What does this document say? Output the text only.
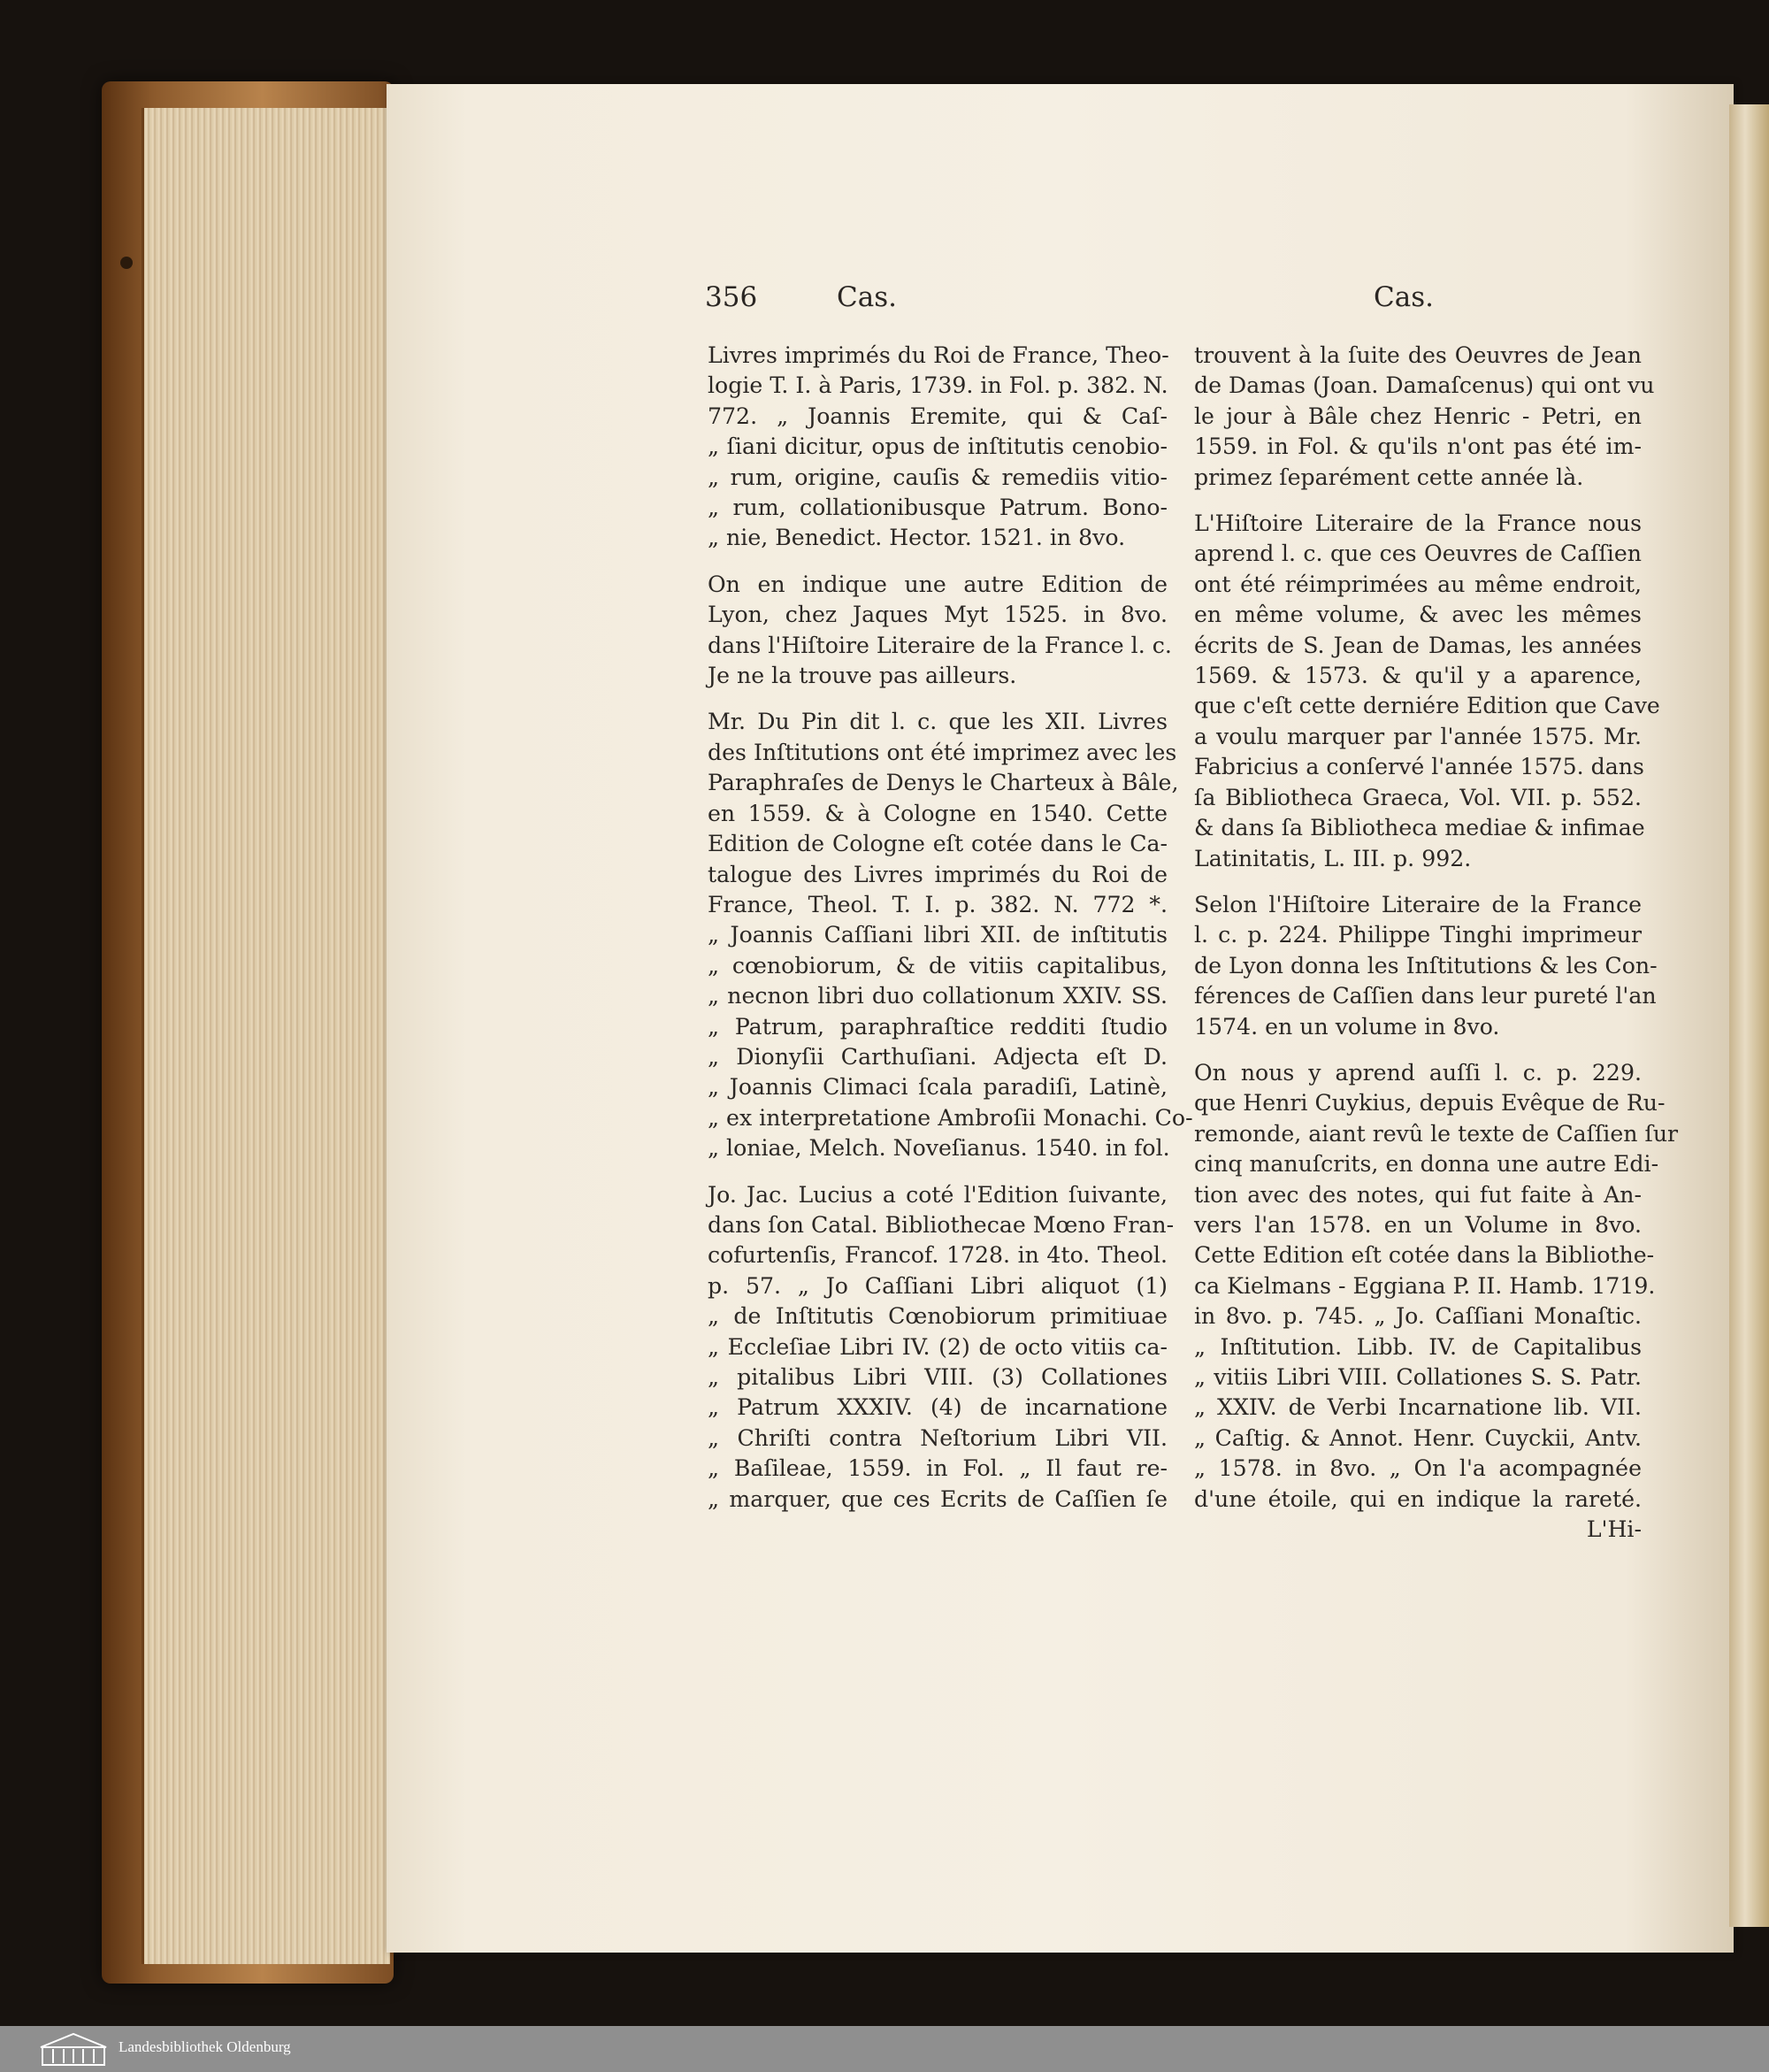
356	Cas.	Cas.
Livres imprimés du Roi de France, Theo-
logie T. I. à Paris, 1739. in Fol. p. 382. N.
772. „ Joannis Eremite, qui & Caſ-
„ ſiani dicitur, opus de inſtitutis cenobio-
„ rum, origine, cauſis & remediis vitio-
„ rum, collationibusque Patrum. Bono-
„ nie, Benedict. Hector. 1521. in 8vo.
On en indique une autre Edition de
Lyon, chez Jaques Myt 1525. in 8vo.
dans l'Hiſtoire Literaire de la France l. c.
Je ne la trouve pas ailleurs.
Mr. Du Pin dit l. c. que les XII. Livres
des Inſtitutions ont été imprimez avec les
Paraphraſes de Denys le Charteux à Bâle,
en 1559. & à Cologne en 1540. Cette
Edition de Cologne eſt cotée dans le Ca-
talogue des Livres imprimés du Roi de
France, Theol. T. I. p. 382. N. 772 *.
„ Joannis Caſſiani libri XII. de inſtitutis
„ cœnobiorum, & de vitiis capitalibus,
„ necnon libri duo collationum XXIV. SS.
„ Patrum, paraphraſtice redditi ſtudio
„ Dionyſii Carthuſiani. Adjecta eſt D.
„ Joannis Climaci ſcala paradiſi, Latinè,
„ ex interpretatione Ambroſii Monachi. Co-
„ loniae, Melch. Noveſianus. 1540. in fol.
Jo. Jac. Lucius a coté l'Edition ſuivante,
dans ſon Catal. Bibliothecae Mœno Fran-
cofurtenſis, Francof. 1728. in 4to. Theol.
p. 57. „ Jo Caſſiani Libri aliquot (1)
„ de Inſtitutis Cœnobiorum primitiuae
„ Eccleſiae Libri IV. (2) de octo vitiis ca-
„ pitalibus Libri VIII. (3) Collationes
„ Patrum XXXIV. (4) de incarnatione
„ Chriſti contra Neſtorium Libri VII.
„ Baſileae, 1559. in Fol. „ Il faut re-
„ marquer, que ces Ecrits de Caſſien ſe
trouvent à la ſuite des Oeuvres de Jean
de Damas (Joan. Damaſcenus) qui ont vu
le jour à Bâle chez Henric - Petri, en
1559. in Fol. & qu'ils n'ont pas été im-
primez ſeparément cette année là.
L'Hiſtoire Literaire de la France nous
aprend l. c. que ces Oeuvres de Caſſien
ont été réimprimées au même endroit,
en même volume, & avec les mêmes
écrits de S. Jean de Damas, les années
1569. & 1573. & qu'il y a aparence,
que c'eſt cette derniére Edition que Cave
a voulu marquer par l'année 1575. Mr.
Fabricius a conſervé l'année 1575. dans
ſa Bibliotheca Graeca, Vol. VII. p. 552.
& dans ſa Bibliotheca mediae & infimae
Latinitatis, L. III. p. 992.
Selon l'Hiſtoire Literaire de la France
l. c. p. 224. Philippe Tinghi imprimeur
de Lyon donna les Inſtitutions & les Con-
férences de Caſſien dans leur pureté l'an
1574. en un volume in 8vo.
On nous y aprend auſſi l. c. p. 229.
que Henri Cuykius, depuis Evêque de Ru-
remonde, aiant revû le texte de Caſſien ſur
cinq manuſcrits, en donna une autre Edi-
tion avec des notes, qui fut faite à An-
vers l'an 1578. en un Volume in 8vo.
Cette Edition eſt cotée dans la Bibliothe-
ca Kielmans - Eggiana P. II. Hamb. 1719.
in 8vo. p. 745. „ Jo. Caſſiani Monaſtic.
„ Inſtitution. Libb. IV. de Capitalibus
„ vitiis Libri VIII. Collationes S. S. Patr.
„ XXIV. de Verbi Incarnatione lib. VII.
„ Caſtig. & Annot. Henr. Cuyckii, Antv.
„ 1578. in 8vo. „ On l'a acompagnée
d'une étoile, qui en indique la rareté.
L'Hi-
Landesbibliothek Oldenburg
